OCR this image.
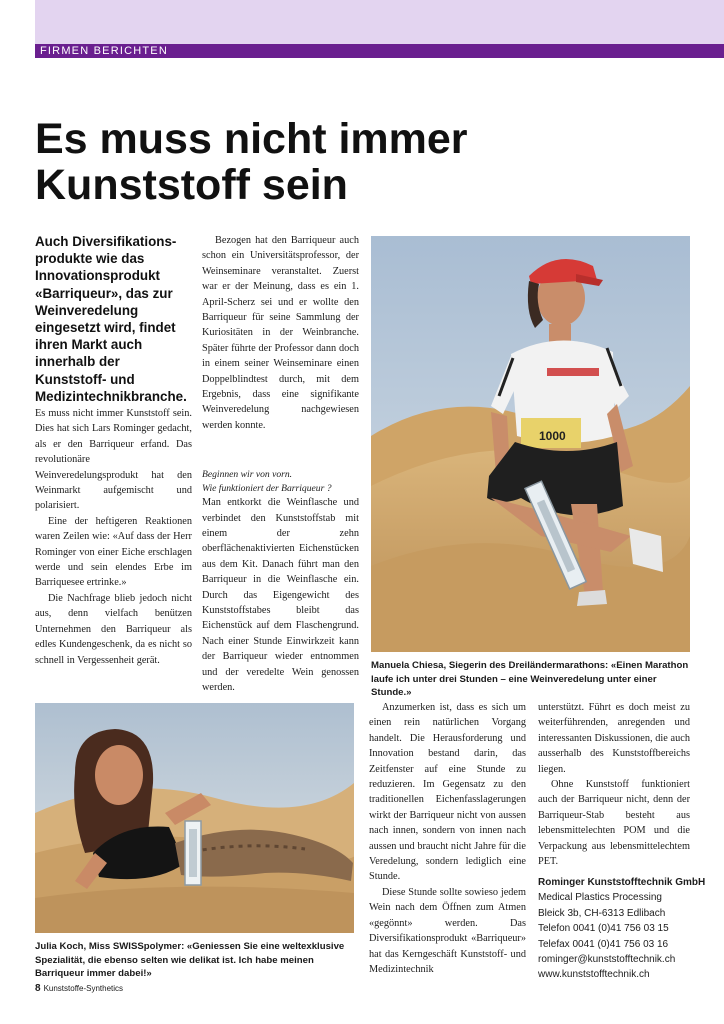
FIRMEN BERICHTEN
Es muss nicht immer
Kunststoff sein

Auch Diversifikations-produkte wie das Innovationsprodukt «Barriqueur», das zur Weinveredelung eingesetzt wird, findet ihren Markt auch innerhalb der Kunststoff- und Medizintechnikbranche.

Es muss nicht immer Kunststoff sein. Dies hat sich Lars Rominger gedacht, als er den Barriqueur erfand. Das revolutionäre Weinveredelungsprodukt hat den Weinmarkt aufgemischt und polarisiert.

Eine der heftigeren Reaktionen waren Zeilen wie: «Auf dass der Herr Rominger von einer Eiche erschlagen werde und sein elendes Erbe im Barriquesee ertrinke.»

Die Nachfrage blieb jedoch nicht aus, denn vielfach benützen Unternehmen den Barriqueur als edles Kundengeschenk, da es nicht so schnell in Vergessenheit gerät.

Bezogen hat den Barriqueur auch schon ein Universitätsprofessor, der Weinseminare veranstaltet. Zuerst war er der Meinung, dass es ein 1. April-Scherz sei und er wollte den Barriqueur für seine Sammlung der Kuriositäten in der Weinbranche. Später führte der Professor dann doch in einem seiner Weinseminare einen Doppelblindtest durch, mit dem Ergebnis, dass eine signifikante Weinveredelung nachgewiesen werden konnte.

Beginnen wir von vorn.

Wie funktioniert der Barriqueur ?

Man entkorkt die Weinflasche und verbindet den Kunststoffstab mit einem der zehn oberflächenaktivierten Eichenstücken aus dem Kit. Danach führt man den Barriqueur in die Weinflasche ein. Durch das Eigengewicht des Kunststoffstabes bleibt das Eichenstück auf dem Flaschengrund. Nach einer Stunde Einwirkzeit kann der Barriqueur wieder entnommen und der veredelte Wein genossen werden.

1000
Manuela Chiesa, Siegerin des Dreiländermarathons: «Einen Marathon laufe ich unter drei Stunden – eine Weinveredelung unter einer Stunde.»
Julia Koch, Miss SWISSpolymer: «Geniessen Sie eine weltexklusive Spezialität, die ebenso selten wie delikat ist. Ich habe meinen Barriqueur immer dabei!»

Anzumerken ist, dass es sich um einen rein natürlichen Vorgang handelt. Die Herausforderung und Innovation bestand darin, das Zeitfenster auf eine Stunde zu reduzieren. Im Gegensatz zu den traditionellen Eichenfasslagerungen wirkt der Barriqueur nicht von aussen nach innen, sondern von innen nach aussen und braucht nicht Jahre für die Veredelung, sondern lediglich eine Stunde.

Diese Stunde sollte sowieso jedem Wein nach dem Öffnen zum Atmen «gegönnt» werden. Das Diversifikationsprodukt «Barriqueur» hat das Kerngeschäft Kunststoff- und Medizintechnik

unterstützt. Führt es doch meist zu weiterführenden, anregenden und interessanten Diskussionen, die auch ausserhalb des Kunststoffbereichs liegen.

Ohne Kunststoff funktioniert auch der Barriqueur nicht, denn der Barriqueur-Stab besteht aus lebensmittelechten POM und die Verpackung aus lebensmittelechtem PET.

Rominger Kunststofftechnik GmbH
Medical Plastics Processing
Bleick 3b, CH-6313 Edlibach
Telefon 0041 (0)41 756 03 15
Telefax 0041 (0)41 756 03 16
rominger@kunststofftechnik.ch
www.kunststofftechnik.ch
8 Kunststoffe-Synthetics
